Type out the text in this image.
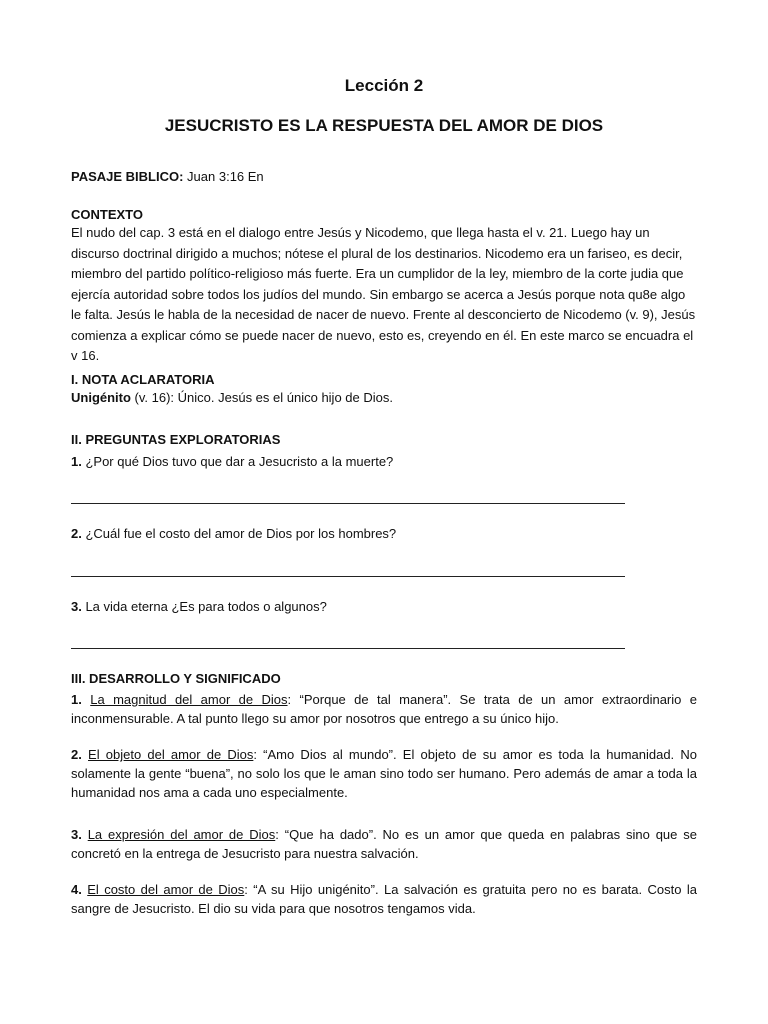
Lección 2
JESUCRISTO ES LA RESPUESTA DEL AMOR DE DIOS
PASAJE BIBLICO: Juan 3:16 En
CONTEXTO
El nudo del cap. 3 está en el dialogo entre Jesús y Nicodemo, que llega hasta el v. 21. Luego hay un discurso doctrinal dirigido a muchos; nótese el plural de los destinarios. Nicodemo era un fariseo, es decir, miembro del partido político-religioso más fuerte. Era un cumplidor de la ley, miembro de la corte judia que ejercía autoridad sobre todos los judíos del mundo. Sin embargo se acerca a Jesús porque nota qu8e algo le falta. Jesús le habla de la necesidad de nacer de nuevo. Frente al desconcierto de Nicodemo (v. 9), Jesús comienza a explicar cómo se puede nacer de nuevo, esto es, creyendo en él. En este marco se encuadra el v 16.
I. NOTA ACLARATORIA
Unigénito (v. 16): Único. Jesús es el único hijo de Dios.
II. PREGUNTAS EXPLORATORIAS
1. ¿Por qué Dios tuvo que dar a Jesucristo a la muerte?
2. ¿Cuál fue el costo del amor de Dios por los hombres?
3. La vida eterna ¿Es para todos o algunos?
III. DESARROLLO Y SIGNIFICADO
1. La magnitud del amor de Dios: “Porque de tal manera”. Se trata de un amor extraordinario e inconmensurable. A tal punto llego su amor por nosotros que entrego a su único hijo.
2. El objeto del amor de Dios: “Amo Dios al mundo”. El objeto de su amor es toda la humanidad. No solamente la gente “buena”, no solo los que le aman sino todo ser humano. Pero además de amar a toda la humanidad nos ama a cada uno especialmente.
3. La expresión del amor de Dios: “Que ha dado”. No es un amor que queda en palabras sino que se concretó en la entrega de Jesucristo para nuestra salvación.
4. El costo del amor de Dios: “A su Hijo unigénito”. La salvación es gratuita pero no es barata. Costo la sangre de Jesucristo. El dio su vida para que nosotros tengamos vida.
